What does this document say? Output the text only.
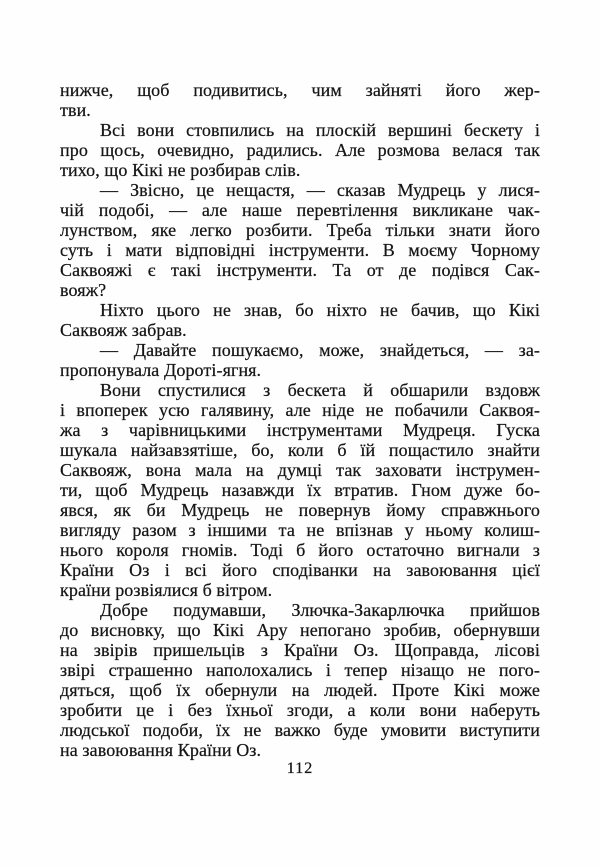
нижче, щоб подивитись, чим зайняті його жер-
тви.
Всі вони стовпились на плоскій вершині бескету і
про щось, очевидно, радились. Але розмова велася так
тихо, що Кікі не розбирав слів.
— Звісно, це нещастя, — сказав Мудрець у лися-
чій подобі, — але наше перевтілення викликане чак-
лунством, яке легко розбити. Треба тільки знати його
суть і мати відповідні інструменти. В моєму Чорному
Саквояжі є такі інструменти. Та от де подівся Сак-
вояж?
Ніхто цього не знав, бо ніхто не бачив, що Кікі
Саквояж забрав.
— Давайте пошукаємо, може, знайдеться, — за-
пропонувала Дороті-ягня.
Вони спустилися з бескета й обшарили вздовж
і впоперек усю галявину, але ніде не побачили Саквоя-
жа з чарівницькими інструментами Мудреця. Гуска
шукала найзавзятіше, бо, коли б їй пощастило знайти
Саквояж, вона мала на думці так заховати інструмен-
ти, щоб Мудрець назавжди їх втратив. Гном дуже бо-
явся, як би Мудрець не повернув йому справжнього
вигляду разом з іншими та не впізнав у ньому колиш-
нього короля гномів. Тоді б його остаточно вигнали з
Країни Оз і всі його сподіванки на завоювання цієї
країни розвіялися б вітром.
Добре подумавши, Злючка-Закарлючка прийшов
до висновку, що Кікі Ару непогано зробив, обернувши
на звірів пришельців з Країни Оз. Щоправда, лісові
звірі страшенно наполохались і тепер нізащо не пого-
дяться, щоб їх обернули на людей. Проте Кікі може
зробити це і без їхньої згоди, а коли вони наберуть
людської подоби, їх не важко буде умовити виступити
на завоювання Країни Оз.
112
